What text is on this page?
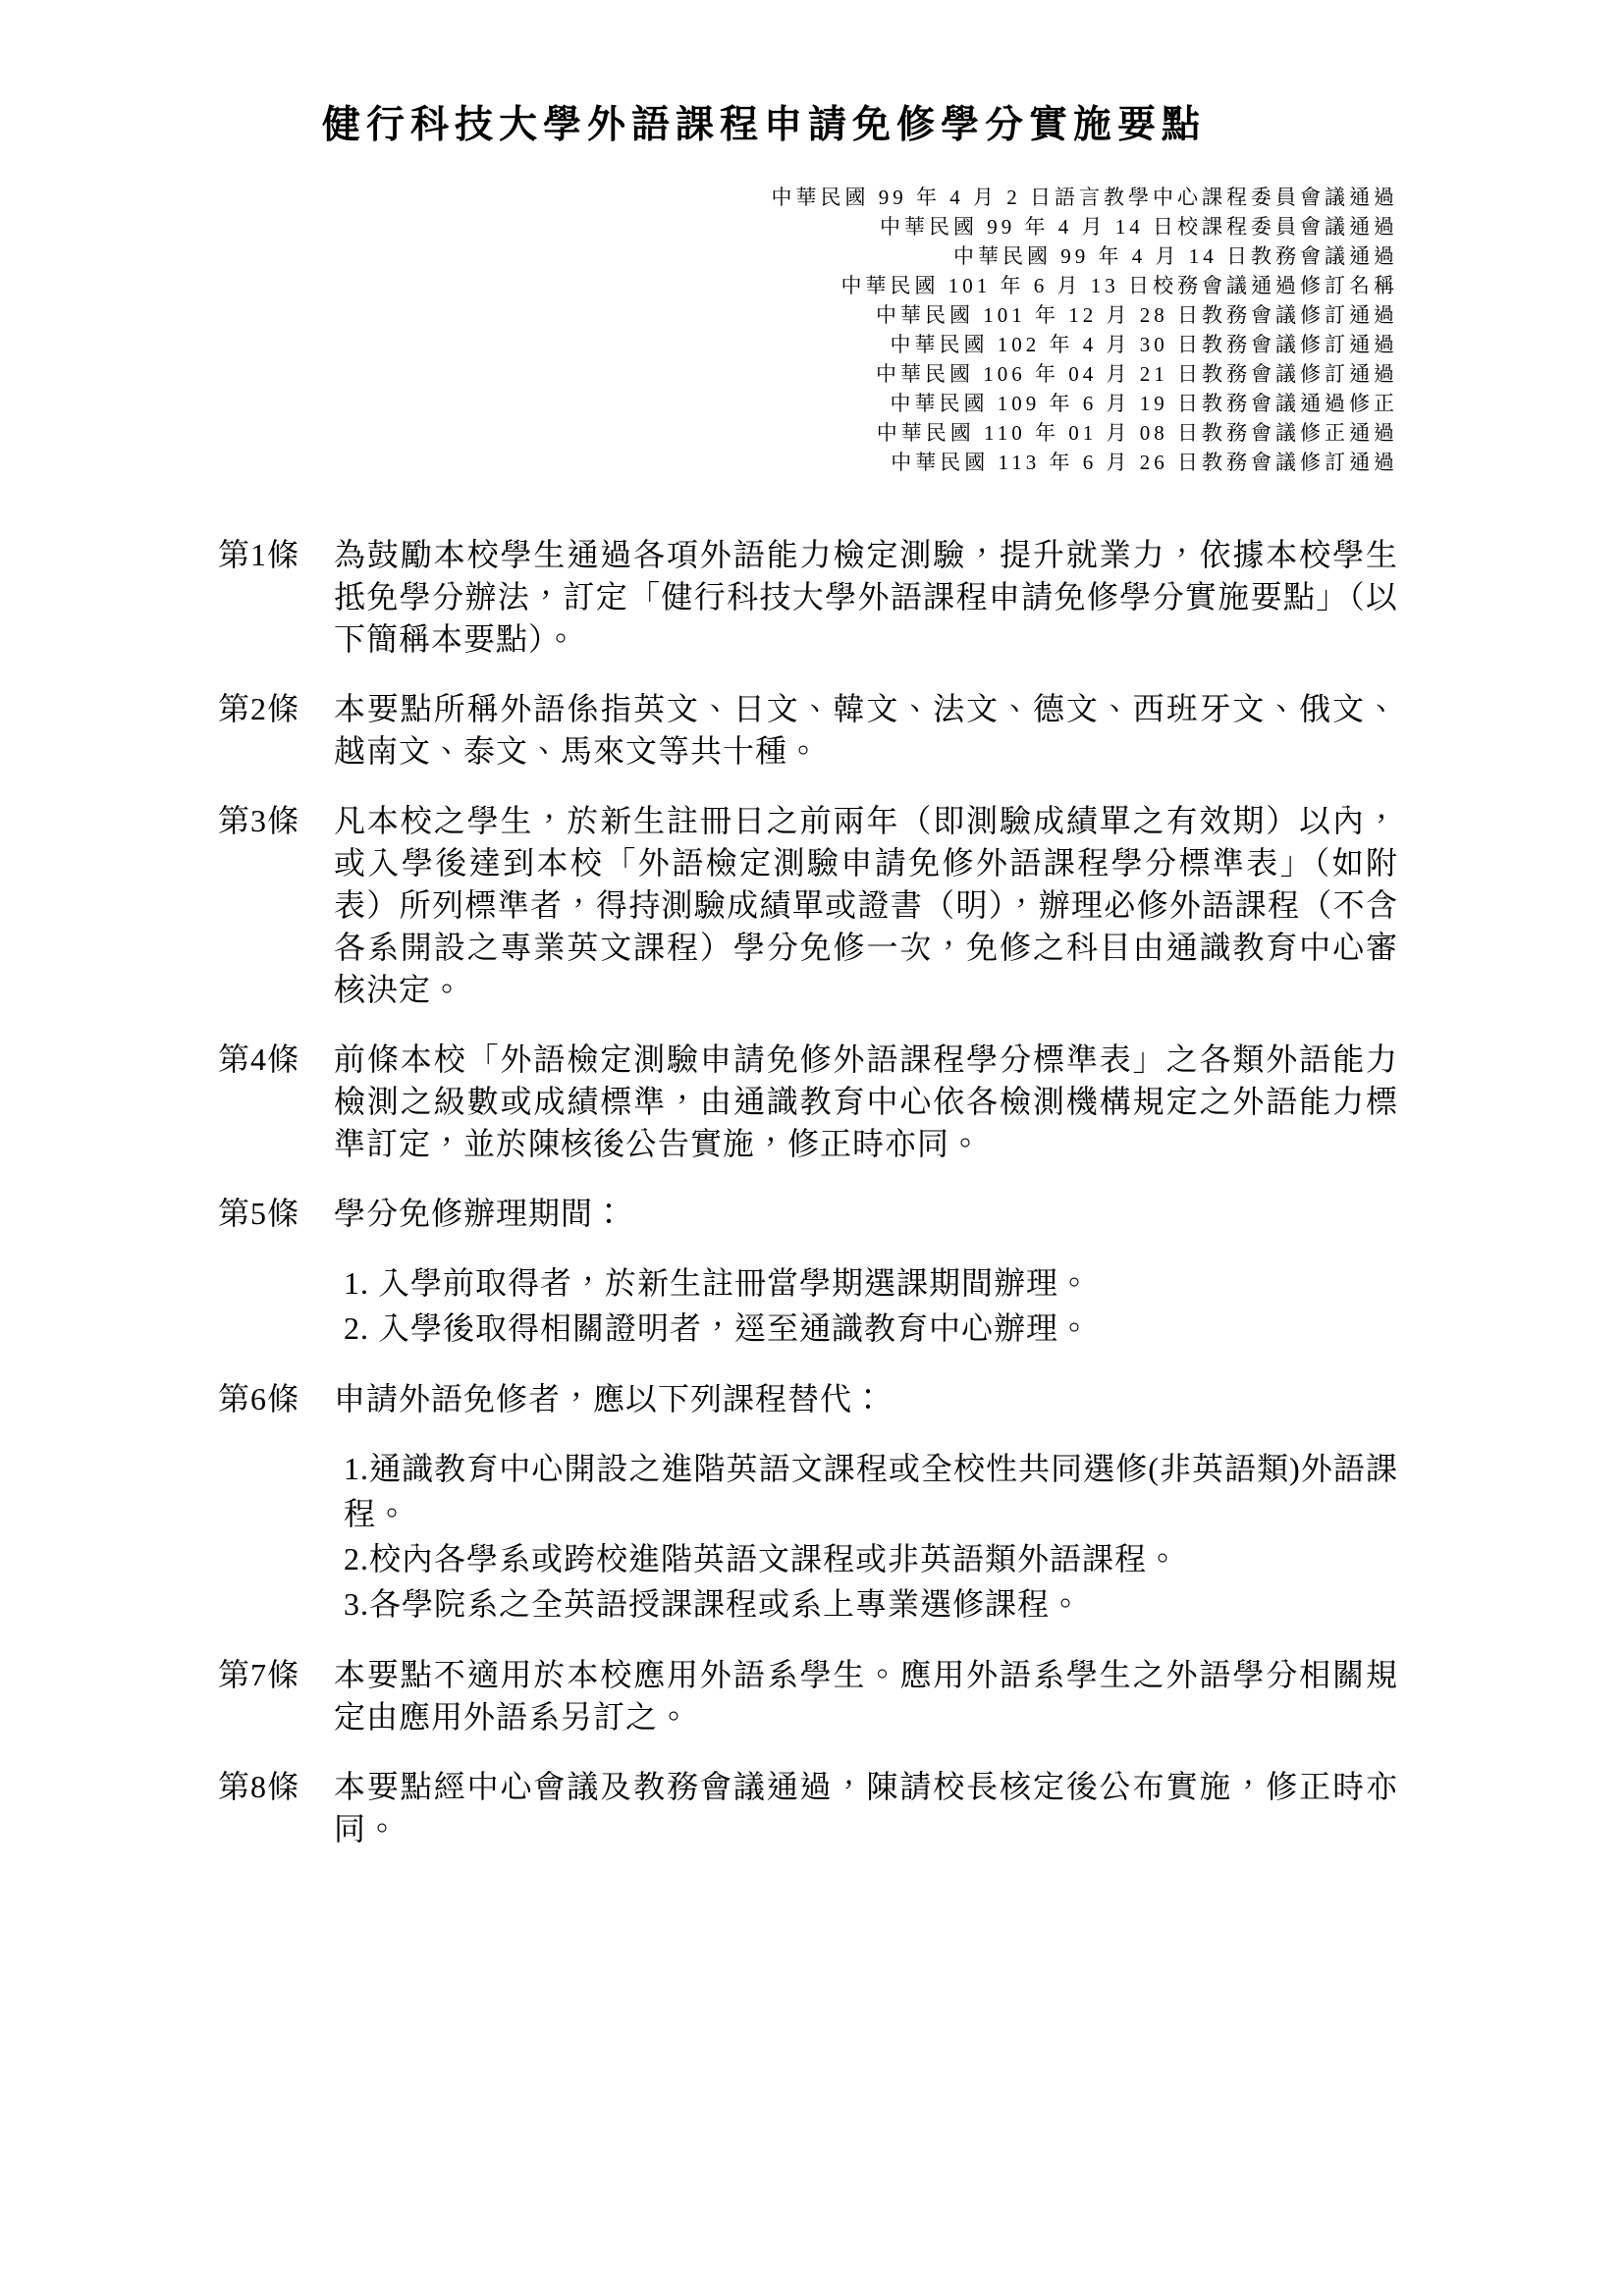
健行科技大學外語課程申請免修學分實施要點
中華民國 99 年 4 月 2 日語言教學中心課程委員會議通過
中華民國 99 年 4 月 14 日校課程委員會議通過
中華民國 99 年 4 月 14 日教務會議通過
中華民國 101 年 6 月 13 日校務會議通過修訂名稱
中華民國 101 年 12 月 28 日教務會議修訂通過
中華民國 102 年 4 月 30 日教務會議修訂通過
中華民國 106 年 04 月 21 日教務會議修訂通過
中華民國 109 年 6 月 19 日教務會議通過修正
中華民國 110 年 01 月 08 日教務會議修正通過
中華民國 113 年 6 月 26 日教務會議修訂通過
第1條	為鼓勵本校學生通過各項外語能力檢定測驗，提升就業力，依據本校學生抵免學分辦法，訂定「健行科技大學外語課程申請免修學分實施要點」（以下簡稱本要點）。
第2條	本要點所稱外語係指英文、日文、韓文、法文、德文、西班牙文、俄文、越南文、泰文、馬來文等共十種。
第3條	凡本校之學生，於新生註冊日之前兩年（即測驗成績單之有效期）以內，或入學後達到本校「外語檢定測驗申請免修外語課程學分標準表」（如附表）所列標準者，得持測驗成績單或證書（明），辦理必修外語課程（不含各系開設之專業英文課程）學分免修一次，免修之科目由通識教育中心審核決定。
第4條	前條本校「外語檢定測驗申請免修外語課程學分標準表」之各類外語能力檢測之級數或成績標準，由通識教育中心依各檢測機構規定之外語能力標準訂定，並於陳核後公告實施，修正時亦同。
第5條	學分免修辦理期間：
1. 入學前取得者，於新生註冊當學期選課期間辦理。
2. 入學後取得相關證明者，逕至通識教育中心辦理。
第6條	申請外語免修者，應以下列課程替代：
1.通識教育中心開設之進階英語文課程或全校性共同選修(非英語類)外語課程。
2.校內各學系或跨校進階英語文課程或非英語類外語課程。
3.各學院系之全英語授課課程或系上專業選修課程。
第7條	本要點不適用於本校應用外語系學生。應用外語系學生之外語學分相關規定由應用外語系另訂之。
第8條	本要點經中心會議及教務會議通過，陳請校長核定後公布實施，修正時亦同。
